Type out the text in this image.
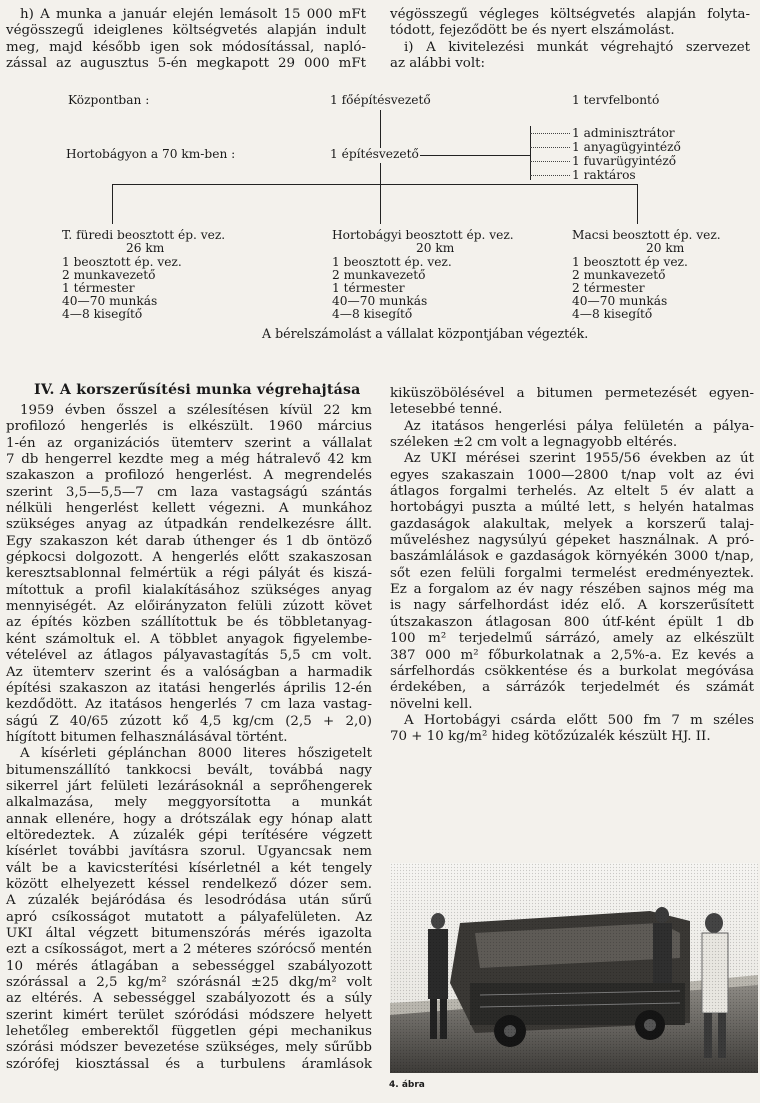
h) A munka a január elején lemásolt 15 000 mFt
végösszegű ideiglenes költségvetés alapján indult
meg, majd később igen sok módosítással, napló-
zással az augusztus 5-én megkapott 29 000 mFt
végösszegű végleges költségvetés alapján folyta-
tódott, fejeződött be és nyert elszámolást.
i) A kivitelezési munkát végrehajtó szervezet
az alábbi volt:
Központban :	1 főépítésvezető	1 tervfelbontó
Hortobágyon a 70 km-ben :	1 építésvezető
1 adminisztrátor
1 anyagügyintéző
1 fuvarügyintéző
1 raktáros
T. füredi beosztott ép. vez.
26 km
1 beosztott ép. vez.
2 munkavezető
1 térmester
40—70 munkás
4—8 kisegítő
Hortobágyi beosztott ép. vez.
20 km
1 beosztott ép. vez.
2 munkavezető
1 térmester
40—70 munkás
4—8 kisegítő
Macsi beosztott ép. vez.
20 km
1 beosztott ép vez.
2 munkavezető
2 térmester
40—70 munkás
4—8 kisegítő
A bérelszámolást a vállalat központjában végezték.
IV. A korszerűsítési munka végrehajtása
1959 évben ősszel a szélesítésen kívül 22 km
profilozó hengerlés is elkészült. 1960 március
1-én az organizációs ütemterv szerint a vállalat
7 db hengerrel kezdte meg a még hátralevő 42 km
szakaszon a profilozó hengerlést. A megrendelés
szerint 3,5—5,5—7 cm laza vastagságú szántás
nélküli hengerlést kellett végezni. A munkához
szükséges anyag az útpadkán rendelkezésre állt.
Egy szakaszon két darab úthenger és 1 db öntöző
gépkocsi dolgozott. A hengerlés előtt szakaszosan
keresztsablonnal felmértük a régi pályát és kiszá-
mítottuk a profil kialakításához szükséges anyag
mennyiségét. Az előirányzaton felüli zúzott követ
az építés közben szállítottuk be és többletanyag-
ként számoltuk el. A többlet anyagok figyelembe-
vételével az átlagos pályavastagítás 5,5 cm volt.
Az ütemterv szerint és a valóságban a harmadik
építési szakaszon az itatási hengerlés április 12-én
kezdődött. Az itatásos hengerlés 7 cm laza vastag-
ságú Z 40/65 zúzott kő 4,5 kg/cm (2,5 + 2,0)
hígított bitumen felhasználásával történt.
A kísérleti géplánchan 8000 literes hőszigetelt
bitumenszállító tankkocsi bevált, továbbá nagy
sikerrel járt felületi lezárásoknál a seprőhengerek
alkalmazása, mely meggyorsította a munkát
annak ellenére, hogy a drótszálak egy hónap alatt
eltöredeztek. A zúzalék gépi terítésére végzett
kísérlet további javításra szorul. Ugyancsak nem
vált be a kavicsterítési kísérletnél a két tengely
között elhelyezett késsel rendelkező dózer sem.
A zúzalék bejáródása és lesodródása után sűrű
apró csíkosságot mutatott a pályafelületen. Az
UKI által végzett bitumenszórás mérés igazolta
ezt a csíkosságot, mert a 2 méteres szórócső mentén
10 mérés átlagában a sebességgel szabályozott
szórással a 2,5 kg/m² szórásnál ±25 dkg/m² volt
az eltérés. A sebességgel szabályozott és a súly
szerint kimért terület szóródási módszere helyett
lehetőleg emberektől független gépi mechanikus
szórási módszer bevezetése szükséges, mely sűrűbb
szórófej kiosztással és a turbulens áramlások
kiküszöbölésével a bitumen permetezését egyen-
letesebbé tenné.
Az itatásos hengerlési pálya felületén a pálya-
széleken ±2 cm volt a legnagyobb eltérés.
Az UKI mérései szerint 1955/56 években az út
egyes szakaszain 1000—2800 t/nap volt az évi
átlagos forgalmi terhelés. Az eltelt 5 év alatt a
hortobágyi puszta a múlté lett, s helyén hatalmas
gazdaságok alakultak, melyek a korszerű talaj-
műveléshez nagysúlyú gépeket használnak. A pró-
baszámlálások e gazdaságok környékén 3000 t/nap,
sőt ezen felüli forgalmi termelést eredményeztek.
Ez a forgalom az év nagy részében sajnos még ma
is nagy sárfelhordást idéz elő. A korszerűsített
útszakaszon átlagosan 800 útf-ként épült 1 db
100 m² terjedelmű sárrázó, amely az elkészült
387 000 m² főburkolatnak a 2,5%-a. Ez kevés a
sárfelhordás csökkentése és a burkolat megóvása
érdekében, a sárrázók terjedelmét és számát
növelni kell.
A Hortobágyi csárda előtt 500 fm 7 m széles
70 + 10 kg/m² hideg kötőzúzalék készült HJ. II.
4. ábra
